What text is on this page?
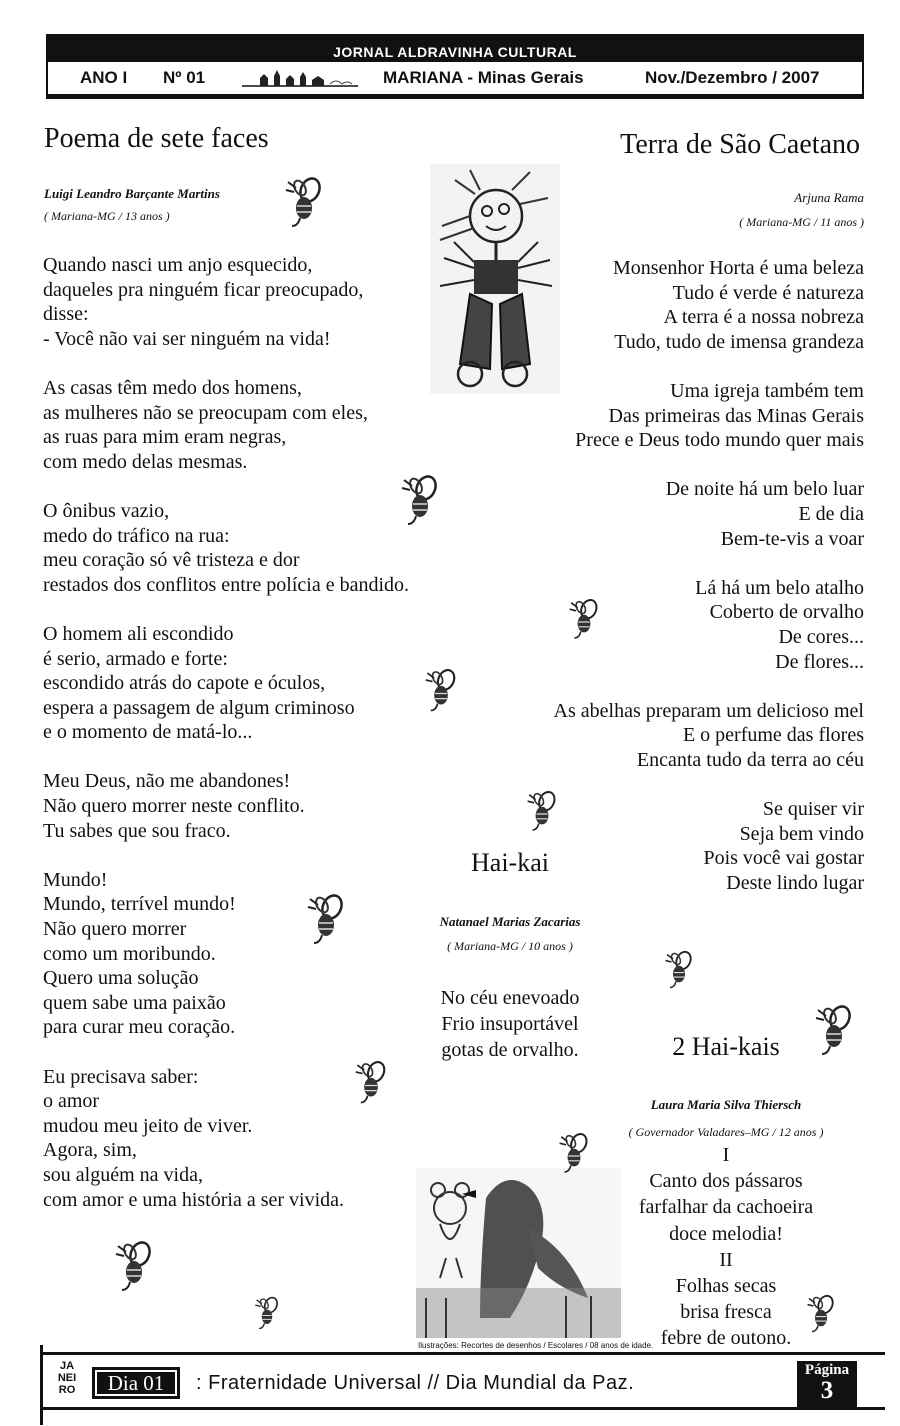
JORNAL ALDRAVINHA CULTURAL
ANO I Nº 01	MARIANA - Minas Gerais	Nov./Dezembro / 2007
Poema de sete faces
Luigi Leandro Barçante Martins
( Mariana-MG / 13 anos )
Quando nasci um anjo esquecido,
daqueles pra ninguém ficar preocupado,
disse:
- Você não vai ser ninguém na vida!
As casas têm medo dos homens,
as mulheres não se preocupam com eles,
as ruas para mim eram negras,
com medo delas mesmas.
O ônibus vazio,
medo do tráfico na rua:
meu coração só vê tristeza e dor
restados dos conflitos entre polícia e bandido.
O homem ali escondido
é serio, armado e forte:
escondido atrás do capote e óculos,
espera a passagem de algum criminoso
e o momento de matá-lo...
Meu Deus, não me abandones!
Não quero morrer neste conflito.
Tu sabes que sou fraco.
Mundo!
Mundo, terrível mundo!
Não quero morrer
como um moribundo.
Quero uma solução
quem sabe uma paixão
para curar meu coração.
Eu precisava saber:
o amor
mudou meu jeito de viver.
Agora, sim,
sou alguém na vida,
com amor e uma história a ser vivida.
Terra de São Caetano
Arjuna Rama
( Mariana-MG / 11 anos )
Monsenhor Horta é uma beleza
Tudo é verde é natureza
A terra é a nossa nobreza
Tudo, tudo de imensa grandeza
Uma igreja também tem
Das primeiras das Minas Gerais
Prece e Deus todo mundo quer mais
De noite há um belo luar
E de dia
Bem-te-vis a voar
Lá há um belo atalho
Coberto de orvalho
De cores...
De flores...
As abelhas preparam um delicioso mel
E o perfume das flores
Encanta tudo da terra ao céu
Se quiser vir
Seja bem vindo
Pois você vai gostar
Deste lindo lugar
Hai-kai
Natanael Marias Zacarias
( Mariana-MG / 10 anos )
No céu enevoado
Frio insuportável
gotas de orvalho.	2 Hai-kais
Laura Maria Silva Thiersch
( Governador Valadares–MG / 12 anos )
I
Canto dos pássaros
farfalhar da cachoeira
doce melodia!
II
Folhas secas
brisa fresca
febre de outono.
Ilustrações: Recortes de desenhos / Escolares / 08 anos de idade.
JA NEI RO	Dia 01	: Fraternidade Universal // Dia Mundial da Paz.
Página
3
